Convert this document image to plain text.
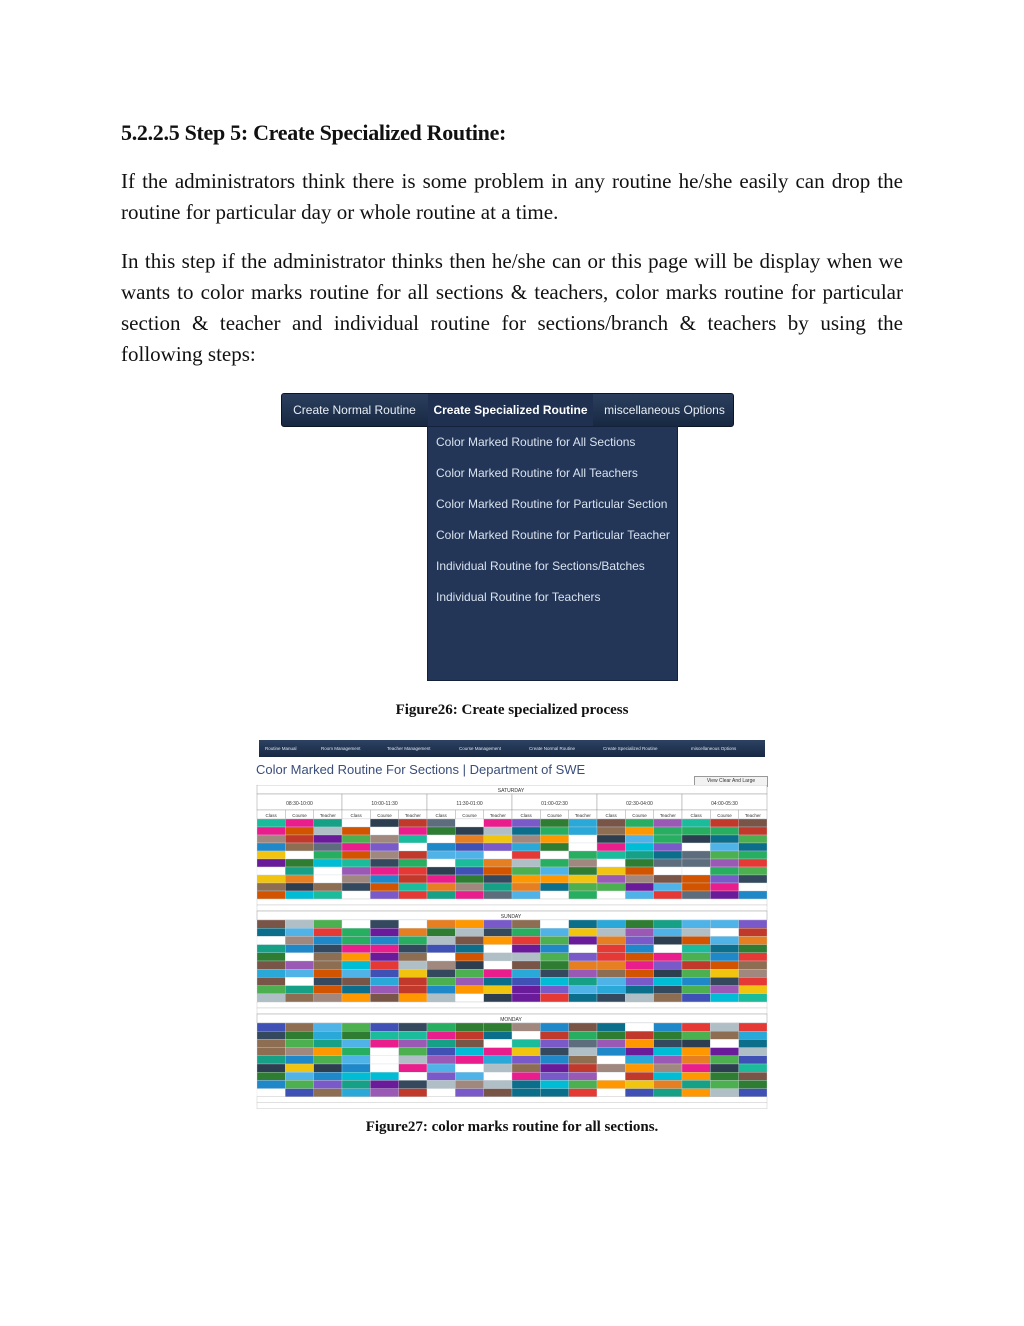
5.2.2.5 Step 5: Create Specialized Routine:
If the administrators think there is some problem in any routine he/she easily can drop the routine for particular day or whole routine at a time.
In this step if the administrator thinks then he/she can or this page will be display when we wants to color marks routine for all sections & teachers, color marks routine for particular section & teacher and individual routine for sections/branch & teachers by using the following steps:
Create Normal Routine	Create Specialized Routine	miscellaneous Options
Color Marked Routine for All Sections
Color Marked Routine for All Teachers
Color Marked Routine for Particular Section
Color Marked Routine for Particular Teacher
Individual Routine for Sections/Batches
Individual Routine for Teachers
Figure26: Create specialized process
Routine Manual	Room Management	Teacher Management	Course Management	Create Normal Routine	Create Specialized Routine	miscellaneous Options
Color Marked Routine For Sections | Department of SWE
View Clear And Large
SATURDAY
08:30-10:00	10:00-11:30	11:30-01:00	01:00-02:30	02:30-04:00	04:00-05:30
Class	Course	Teacher	Class	Course	Teacher	Class	Course	Teacher	Class	Course	Teacher	Class	Course	Teacher	Class	Course	Teacher
SUNDAY
MONDAY
Figure27: color marks routine for all sections.
